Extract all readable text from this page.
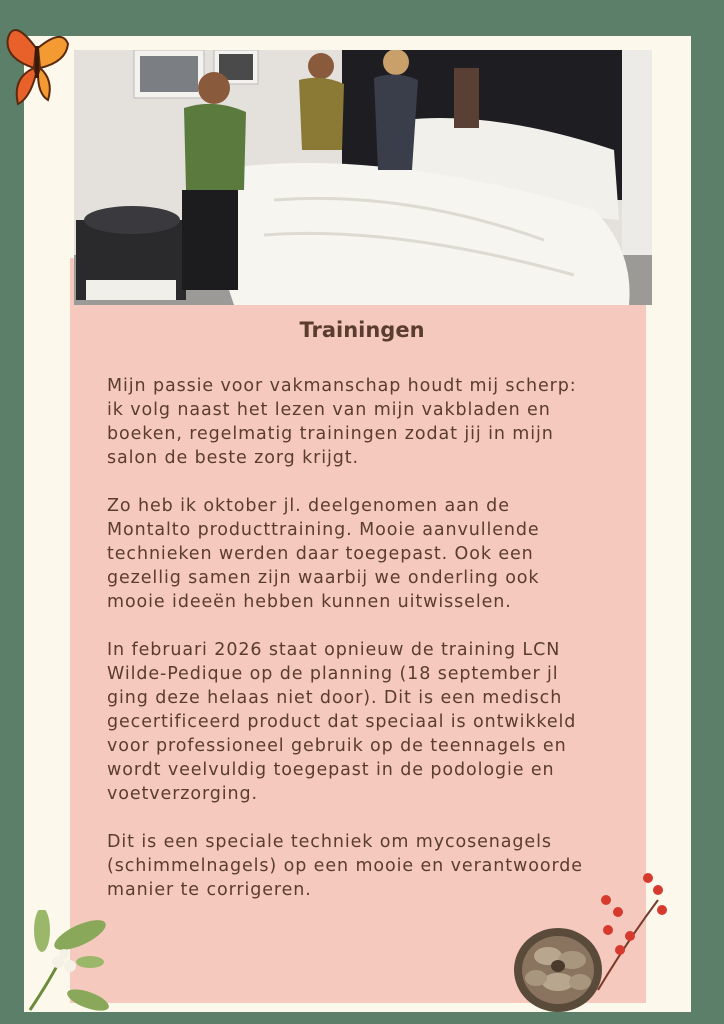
Trainingen

Mijn passie voor vakmanschap houdt mij scherp:
ik volg naast het lezen van mijn vakbladen en
boeken, regelmatig trainingen zodat jij in mijn
salon de beste zorg krijgt.

Zo heb ik oktober jl. deelgenomen aan de
Montalto producttraining. Mooie aanvullende
technieken werden daar toegepast. Ook een
gezellig samen zijn waarbij we onderling ook
mooie ideeën hebben kunnen uitwisselen.

In februari 2026 staat opnieuw de training LCN
Wilde-Pedique op de planning (18 september jl
ging deze helaas niet door). Dit is een medisch
gecertificeerd product dat speciaal is ontwikkeld
voor professioneel gebruik op de teennagels en
wordt veelvuldig toegepast in de podologie en
voetverzorging.

Dit is een speciale techniek om mycosenagels
(schimmelnagels) op een mooie en verantwoorde
manier te corrigeren.
